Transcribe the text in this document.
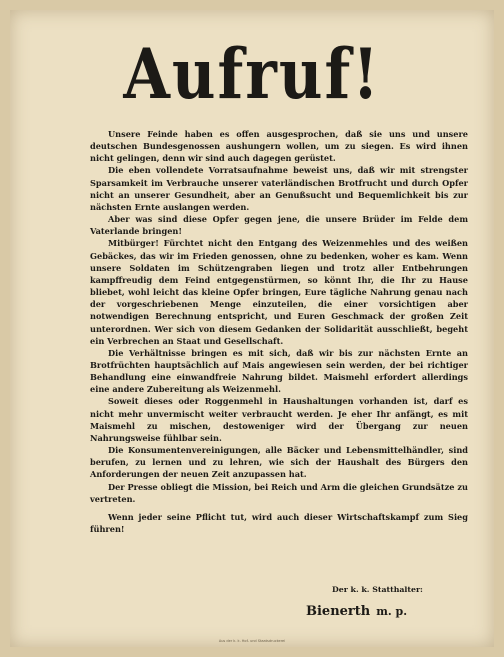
Aufruf!

Unsere Feinde haben es offen ausgesprochen, daß sie uns und unsere deutschen Bundesgenossen aushungern wollen, um zu siegen. Es wird ihnen nicht gelingen, denn wir sind auch dagegen gerüstet.

Die eben vollendete Vorratsaufnahme beweist uns, daß wir mit strengster Sparsamkeit im Verbrauche unserer vaterländischen Brotfrucht und durch Opfer nicht an unserer Gesundheit, aber an Genußsucht und Bequemlichkeit bis zur nächsten Ernte auslangen werden.

Aber was sind diese Opfer gegen jene, die unsere Brüder im Felde dem Vaterlande bringen!

Mitbürger! Fürchtet nicht den Entgang des Weizenmehles und des weißen Gebäckes, das wir im Frieden genossen, ohne zu bedenken, woher es kam. Wenn unsere Soldaten im Schützengraben liegen und trotz aller Entbehrungen kampffreudig dem Feind entgegenstürmen, so könnt Ihr, die Ihr zu Hause bliebet, wohl leicht das kleine Opfer bringen, Eure tägliche Nahrung genau nach der vorgeschriebenen Menge einzuteilen, die einer vorsichtigen aber notwendigen Berechnung entspricht, und Euren Geschmack der großen Zeit unterordnen. Wer sich von diesem Gedanken der Solidarität ausschließt, begeht ein Verbrechen an Staat und Gesellschaft.

Die Verhältnisse bringen es mit sich, daß wir bis zur nächsten Ernte an Brotfrüchten hauptsächlich auf Mais angewiesen sein werden, der bei richtiger Behandlung eine einwandfreie Nahrung bildet. Maismehl erfordert allerdings eine andere Zubereitung als Weizenmehl.

Soweit dieses oder Roggenmehl in Haushaltungen vorhanden ist, darf es nicht mehr unvermischt weiter verbraucht werden. Je eher Ihr anfängt, es mit Maismehl zu mischen, destoweniger wird der Übergang zur neuen Nahrungsweise fühlbar sein.

Die Konsumentenvereinigungen, alle Bäcker und Lebensmittelhändler, sind berufen, zu lernen und zu lehren, wie sich der Haushalt des Bürgers den Anforderungen der neuen Zeit anzupassen hat.

Der Presse obliegt die Mission, bei Reich und Arm die gleichen Grundsätze zu vertreten.

Wenn jeder seine Pflicht tut, wird auch dieser Wirtschaftskampf zum Sieg führen!

Der k. k. Statthalter:
Bienerth m. p.
Aus der k. k. Hof- und Staatsdruckerei
